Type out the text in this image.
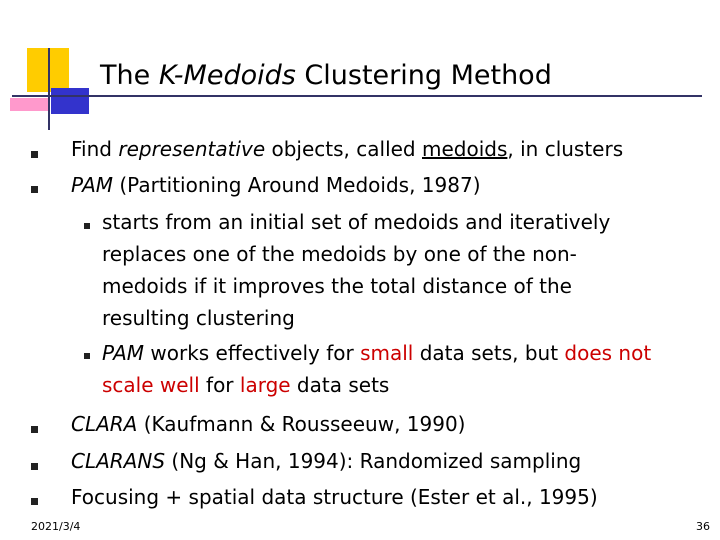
The K-Medoids Clustering Method
Find representative objects, called medoids, in clusters
PAM (Partitioning Around Medoids, 1987)
starts from an initial set of medoids and iteratively
replaces one of the medoids by one of the non-
medoids if it improves the total distance of the
resulting clustering
PAM works effectively for small data sets, but does not
scale well for large data sets
CLARA (Kaufmann & Rousseeuw, 1990)
CLARANS (Ng & Han, 1994): Randomized sampling
Focusing + spatial data structure (Ester et al., 1995)
2021/3/4	36
